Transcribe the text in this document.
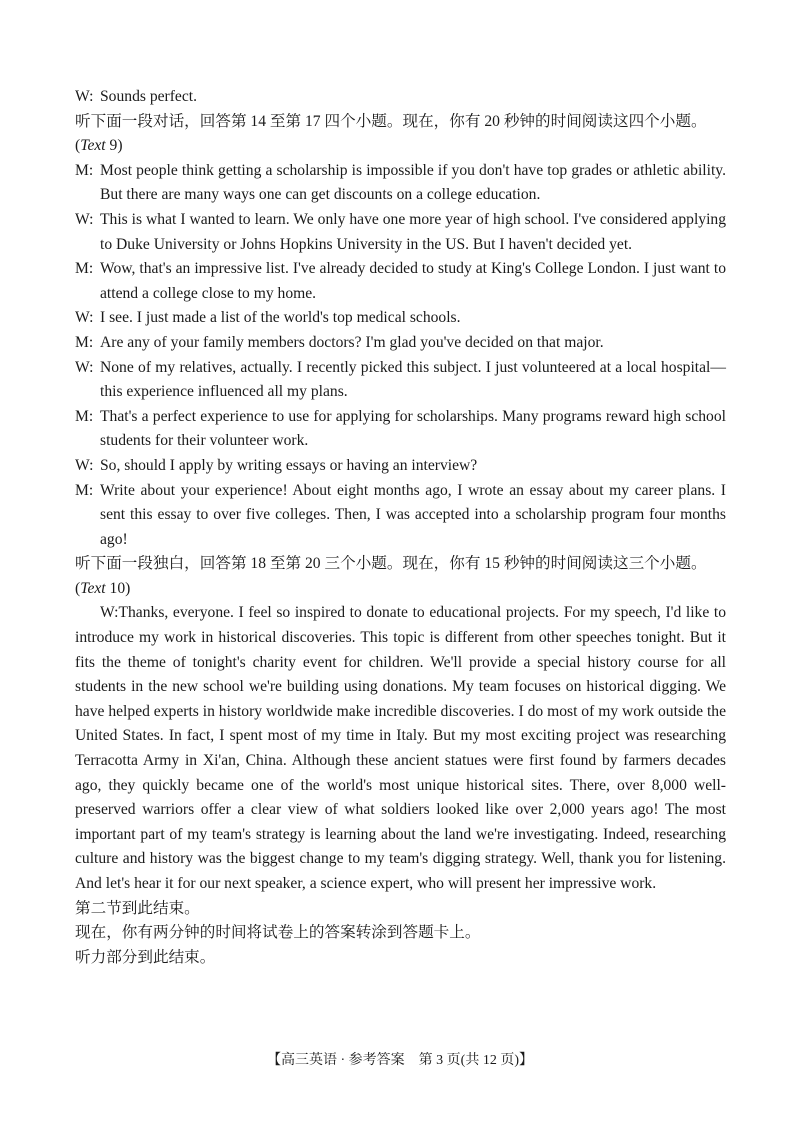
W: Sounds perfect.

听下面一段对话，回答第 14 至第 17 四个小题。现在，你有 20 秒钟的时间阅读这四个小题。

(Text 9)

M: Most people think getting a scholarship is impossible if you don't have top grades or athletic ability. But there are many ways one can get discounts on a college education.

W: This is what I wanted to learn. We only have one more year of high school. I've considered applying to Duke University or Johns Hopkins University in the US. But I haven't decided yet.

M: Wow, that's an impressive list. I've already decided to study at King's College London. I just want to attend a college close to my home.

W: I see. I just made a list of the world's top medical schools.

M: Are any of your family members doctors? I'm glad you've decided on that major.

W: None of my relatives, actually. I recently picked this subject. I just volunteered at a local hospital—this experience influenced all my plans.

M: That's a perfect experience to use for applying for scholarships. Many programs reward high school students for their volunteer work.

W: So, should I apply by writing essays or having an interview?

M: Write about your experience! About eight months ago, I wrote an essay about my career plans. I sent this essay to over five colleges. Then, I was accepted into a scholarship program four months ago!

听下面一段独白，回答第 18 至第 20 三个小题。现在，你有 15 秒钟的时间阅读这三个小题。

(Text 10)

W:Thanks, everyone. I feel so inspired to donate to educational projects. For my speech, I'd like to introduce my work in historical discoveries. This topic is different from other speeches tonight. But it fits the theme of tonight's charity event for children. We'll provide a special history course for all students in the new school we're building using donations. My team focuses on historical digging. We have helped experts in history worldwide make incredible discoveries. I do most of my work outside the United States. In fact, I spent most of my time in Italy. But my most exciting project was researching Terracotta Army in Xi'an, China. Although these ancient statues were first found by farmers decades ago, they quickly became one of the world's most unique historical sites. There, over 8,000 well-preserved warriors offer a clear view of what soldiers looked like over 2,000 years ago! The most important part of my team's strategy is learning about the land we're investigating. Indeed, researching culture and history was the biggest change to my team's digging strategy. Well, thank you for listening. And let's hear it for our next speaker, a science expert, who will present her impressive work.

第二节到此结束。

现在，你有两分钟的时间将试卷上的答案转涂到答题卡上。

听力部分到此结束。

【高三英语 · 参考答案　第 3 页(共 12 页)】
